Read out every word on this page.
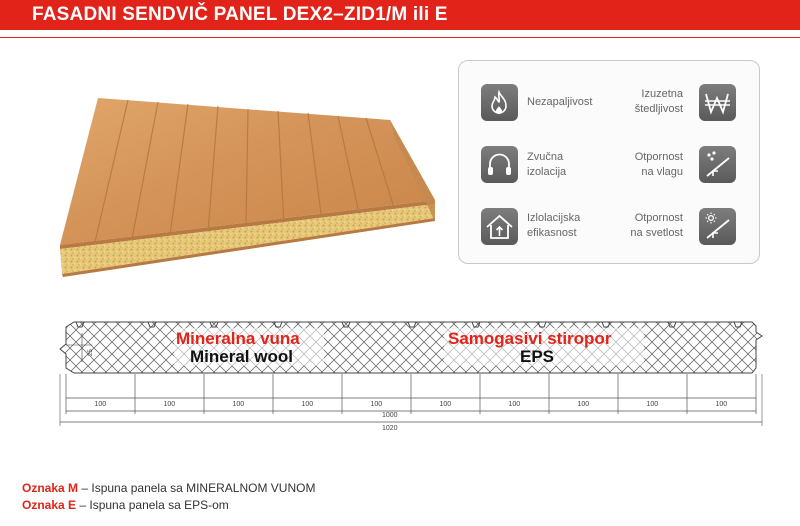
FASADNI SENDVIČ PANEL DEX2–ZID1/M ili E
Nezapaljivost
Izuzetna
štedljivost
Zvučna
izolacija
Otpornost
na vlagu
Izlolacijska
efikasnost
Otpornost
na svetlost
25
Mineralna vuna
Mineral wool
Samogasivi stiropor
EPS
100	100	100	100	100	100	100	100	100	100
1000
1020
Oznaka M – Ispuna panela sa MINERALNOM VUNOM
Oznaka E – Ispuna panela sa EPS-om
